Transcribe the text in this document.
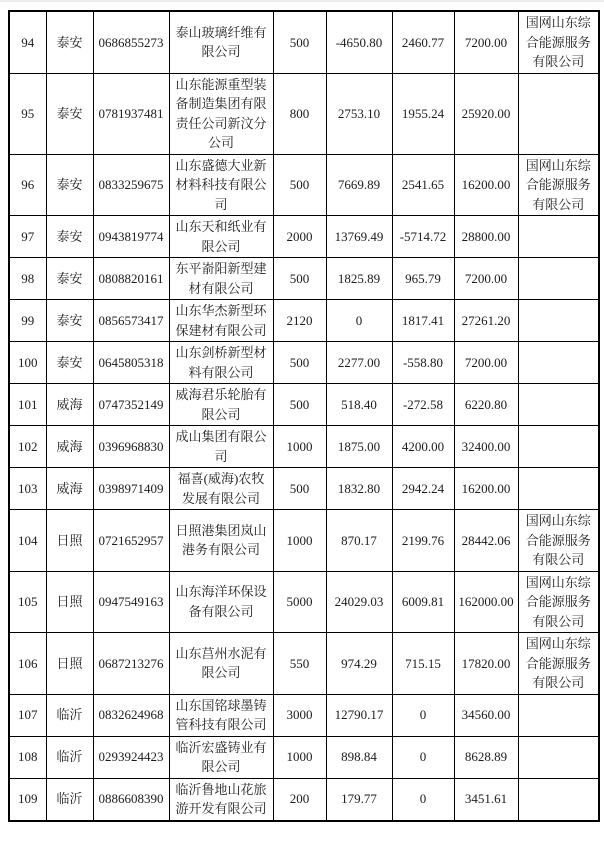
94	泰安	0686855273	泰山玻璃纤维有限公司	500	-4650.80	2460.77	7200.00	国网山东综合能源服务有限公司
95	泰安	0781937481	山东能源重型装备制造集团有限责任公司新汶分公司	800	2753.10	1955.24	25920.00	
96	泰安	0833259675	山东盛德大业新材料科技有限公司	500	7669.89	2541.65	16200.00	国网山东综合能源服务有限公司
97	泰安	0943819774	山东天和纸业有限公司	2000	13769.49	-5714.72	28800.00	
98	泰安	0808820161	东平嵛阳新型建材有限公司	500	1825.89	965.79	7200.00	
99	泰安	0856573417	山东华杰新型环保建材有限公司	2120	0	1817.41	27261.20	
100	泰安	0645805318	山东剑桥新型材料有限公司	500	2277.00	-558.80	7200.00	
101	威海	0747352149	威海君乐轮胎有限公司	500	518.40	-272.58	6220.80	
102	威海	0396968830	成山集团有限公司	1000	1875.00	4200.00	32400.00	
103	威海	0398971409	福喜(威海)农牧发展有限公司	500	1832.80	2942.24	16200.00	
104	日照	0721652957	日照港集团岚山港务有限公司	1000	870.17	2199.76	28442.06	国网山东综合能源服务有限公司
105	日照	0947549163	山东海洋环保设备有限公司	5000	24029.03	6009.81	162000.00	国网山东综合能源服务有限公司
106	日照	0687213276	山东莒州水泥有限公司	550	974.29	715.15	17820.00	国网山东综合能源服务有限公司
107	临沂	0832624968	山东国铭球墨铸管科技有限公司	3000	12790.17	0	34560.00	
108	临沂	0293924423	临沂宏盛铸业有限公司	1000	898.84	0	8628.89	
109	临沂	0886608390	临沂鲁地山花旅游开发有限公司	200	179.77	0	3451.61	
